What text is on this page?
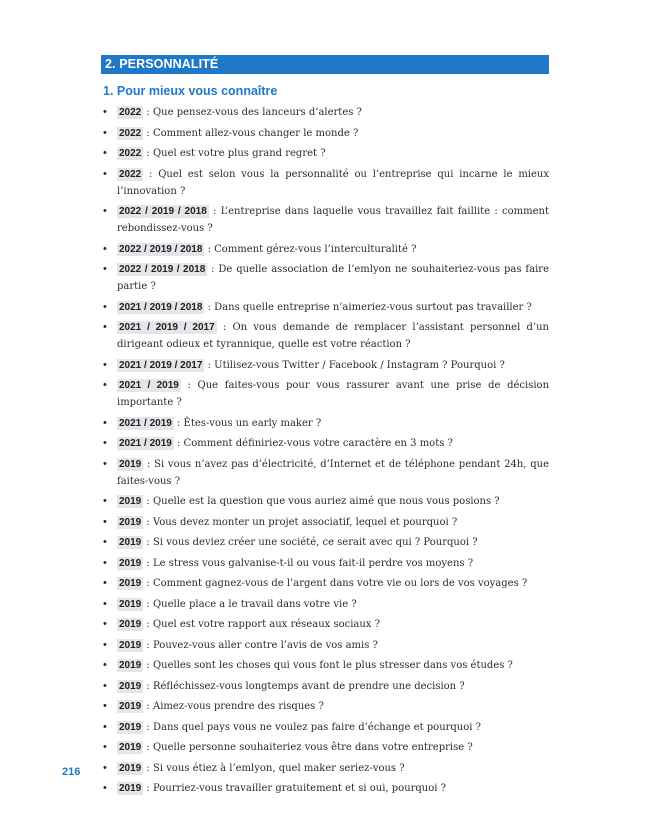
2. PERSONNALITÉ
1. Pour mieux vous connaître
• 2022 : Que pensez-vous des lanceurs d’alertes ?
• 2022 : Comment allez-vous changer le monde ?
• 2022 : Quel est votre plus grand regret ?
• 2022 : Quel est selon vous la personnalité ou l’entreprise qui incarne le mieux l’innovation ?
• 2022 / 2019 / 2018 : L’entreprise dans laquelle vous travaillez fait faillite : comment rebondissez-vous ?
• 2022 / 2019 / 2018 : Comment gérez-vous l’interculturalité ?
• 2022 / 2019 / 2018 : De quelle association de l’emlyon ne souhaiteriez-vous pas faire partie ?
• 2021 / 2019 / 2018 : Dans quelle entreprise n’aimeriez-vous surtout pas travailler ?
• 2021 / 2019 / 2017 : On vous demande de remplacer l’assistant personnel d’un dirigeant odieux et tyrannique, quelle est votre réaction ?
• 2021 / 2019 / 2017 : Utilisez-vous Twitter / Facebook / Instagram ? Pourquoi ?
• 2021 / 2019 : Que faites-vous pour vous rassurer avant une prise de décision importante ?
• 2021 / 2019 : Êtes-vous un early maker ?
• 2021 / 2019 : Comment définiriez-vous votre caractère en 3 mots ?
• 2019 : Si vous n’avez pas d’électricité, d’Internet et de téléphone pendant 24h, que faites-vous ?
• 2019 : Quelle est la question que vous auriez aimé que nous vous posions ?
• 2019 : Vous devez monter un projet associatif, lequel et pourquoi ?
• 2019 : Si vous deviez créer une société, ce serait avec qui ? Pourquoi ?
• 2019 : Le stress vous galvanise-t-il ou vous fait-il perdre vos moyens ?
• 2019 : Comment gagnez-vous de l’argent dans votre vie ou lors de vos voyages ?
• 2019 : Quelle place a le travail dans votre vie ?
• 2019 : Quel est votre rapport aux réseaux sociaux ?
• 2019 : Pouvez-vous aller contre l’avis de vos amis ?
• 2019 : Quelles sont les choses qui vous font le plus stresser dans vos études ?
• 2019 : Réfléchissez-vous longtemps avant de prendre une decision ?
• 2019 : Aimez-vous prendre des risques ?
• 2019 : Dans quel pays vous ne voulez pas faire d’échange et pourquoi ?
• 2019 : Quelle personne souhaiteriez vous être dans votre entreprise ?
• 2019 : Si vous étiez à l’emlyon, quel maker seriez-vous ?
• 2019 : Pourriez-vous travailler gratuitement et si oui, pourquoi ?
216
